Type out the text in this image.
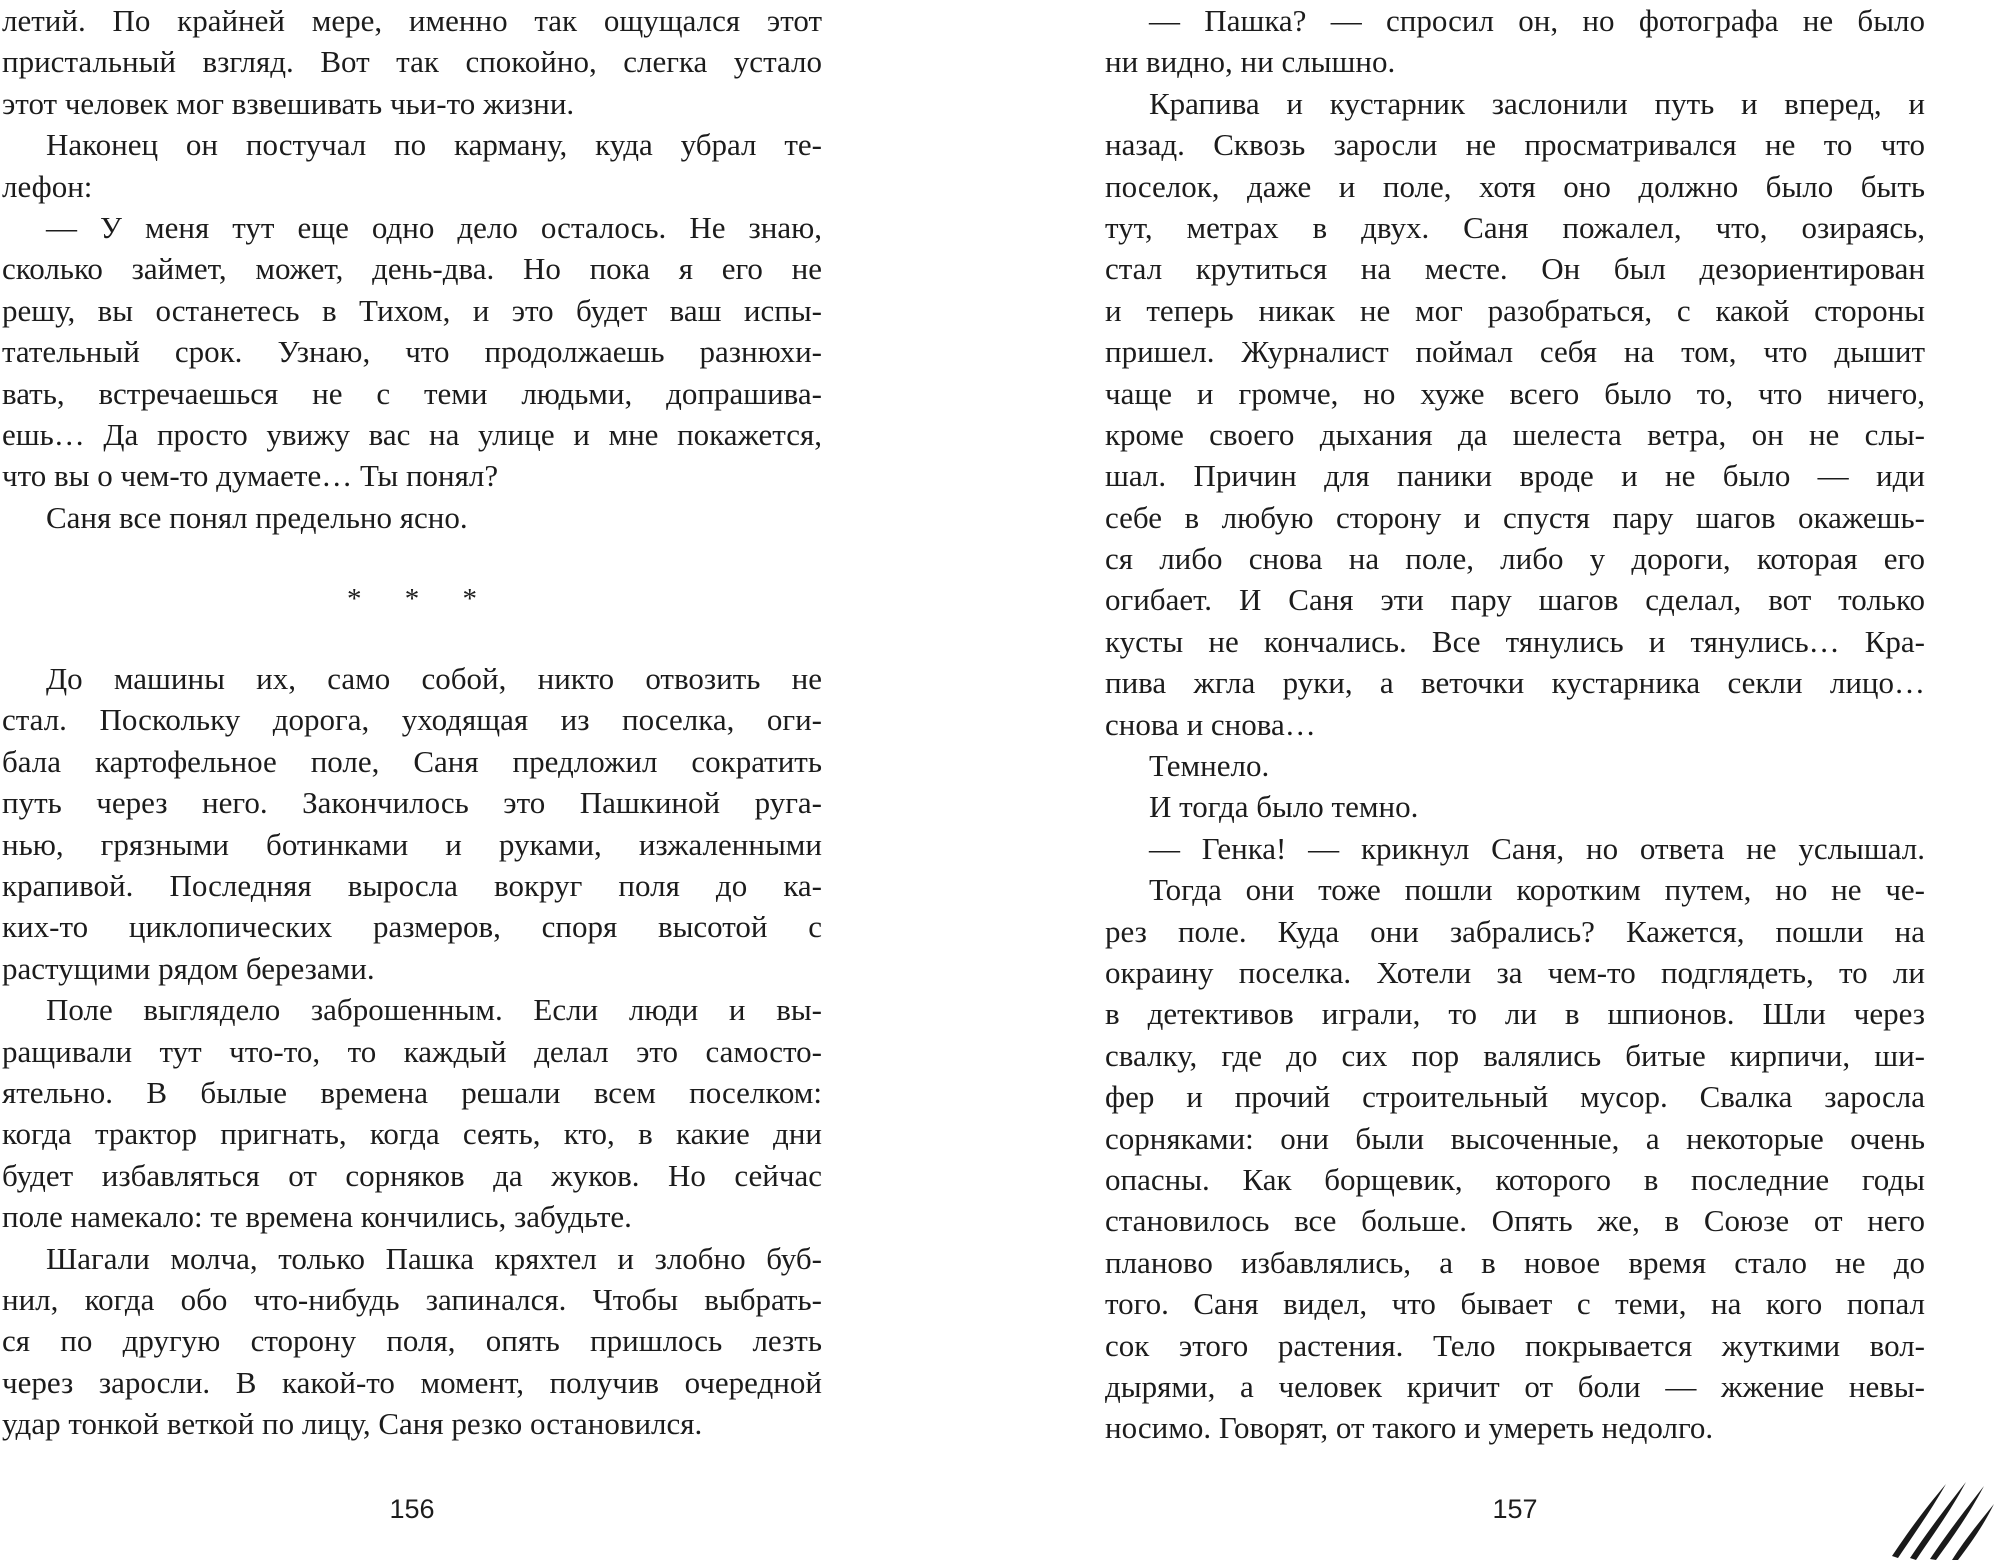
летий. По крайней мере, именно так ощущался этот
пристальный взгляд. Вот так спокойно, слегка устало
этот человек мог взвешивать чьи-то жизни.
Наконец он постучал по карману, куда убрал те-
лефон:
— У меня тут еще одно дело осталось. Не знаю,
сколько займет, может, день-два. Но пока я его не
решу, вы останетесь в Тихом, и это будет ваш испы-
тательный срок. Узнаю, что продолжаешь разнюхи-
вать, встречаешься не с теми людьми, допрашива-
ешь… Да просто увижу вас на улице и мне покажется,
что вы о чем-то думаете… Ты понял?
Саня все понял предельно ясно.
* * *
До машины их, само собой, никто отвозить не
стал. Поскольку дорога, уходящая из поселка, оги-
бала картофельное поле, Саня предложил сократить
путь через него. Закончилось это Пашкиной руга-
нью, грязными ботинками и руками, изжаленными
крапивой. Последняя выросла вокруг поля до ка-
ких-то циклопических размеров, споря высотой с
растущими рядом березами.
Поле выглядело заброшенным. Если люди и вы-
ращивали тут что-то, то каждый делал это самосто-
ятельно. В былые времена решали всем поселком:
когда трактор пригнать, когда сеять, кто, в какие дни
будет избавляться от сорняков да жуков. Но сейчас
поле намекало: те времена кончились, забудьте.
Шагали молча, только Пашка кряхтел и злобно буб-
нил, когда обо что-нибудь запинался. Чтобы выбрать-
ся по другую сторону поля, опять пришлось лезть
через заросли. В какой-то момент, получив очередной
удар тонкой веткой по лицу, Саня резко остановился.
156
— Пашка? — спросил он, но фотографа не было
ни видно, ни слышно.
Крапива и кустарник заслонили путь и вперед, и
назад. Сквозь заросли не просматривался не то что
поселок, даже и поле, хотя оно должно было быть
тут, метрах в двух. Саня пожалел, что, озираясь,
стал крутиться на месте. Он был дезориентирован
и теперь никак не мог разобраться, с какой стороны
пришел. Журналист поймал себя на том, что дышит
чаще и громче, но хуже всего было то, что ничего,
кроме своего дыхания да шелеста ветра, он не слы-
шал. Причин для паники вроде и не было — иди
себе в любую сторону и спустя пару шагов окажешь-
ся либо снова на поле, либо у дороги, которая его
огибает. И Саня эти пару шагов сделал, вот только
кусты не кончались. Все тянулись и тянулись… Кра-
пива жгла руки, а веточки кустарника секли лицо…
снова и снова…
Темнело.
И тогда было темно.
— Генка! — крикнул Саня, но ответа не услышал.
Тогда они тоже пошли коротким путем, но не че-
рез поле. Куда они забрались? Кажется, пошли на
окраину поселка. Хотели за чем-то подглядеть, то ли
в детективов играли, то ли в шпионов. Шли через
свалку, где до сих пор валялись битые кирпичи, ши-
фер и прочий строительный мусор. Свалка заросла
сорняками: они были высоченные, а некоторые очень
опасны. Как борщевик, которого в последние годы
становилось все больше. Опять же, в Союзе от него
планово избавлялись, а в новое время стало не до
того. Саня видел, что бывает с теми, на кого попал
сок этого растения. Тело покрывается жуткими вол-
дырями, а человек кричит от боли — жжение невы-
носимо. Говорят, от такого и умереть недолго.
157
